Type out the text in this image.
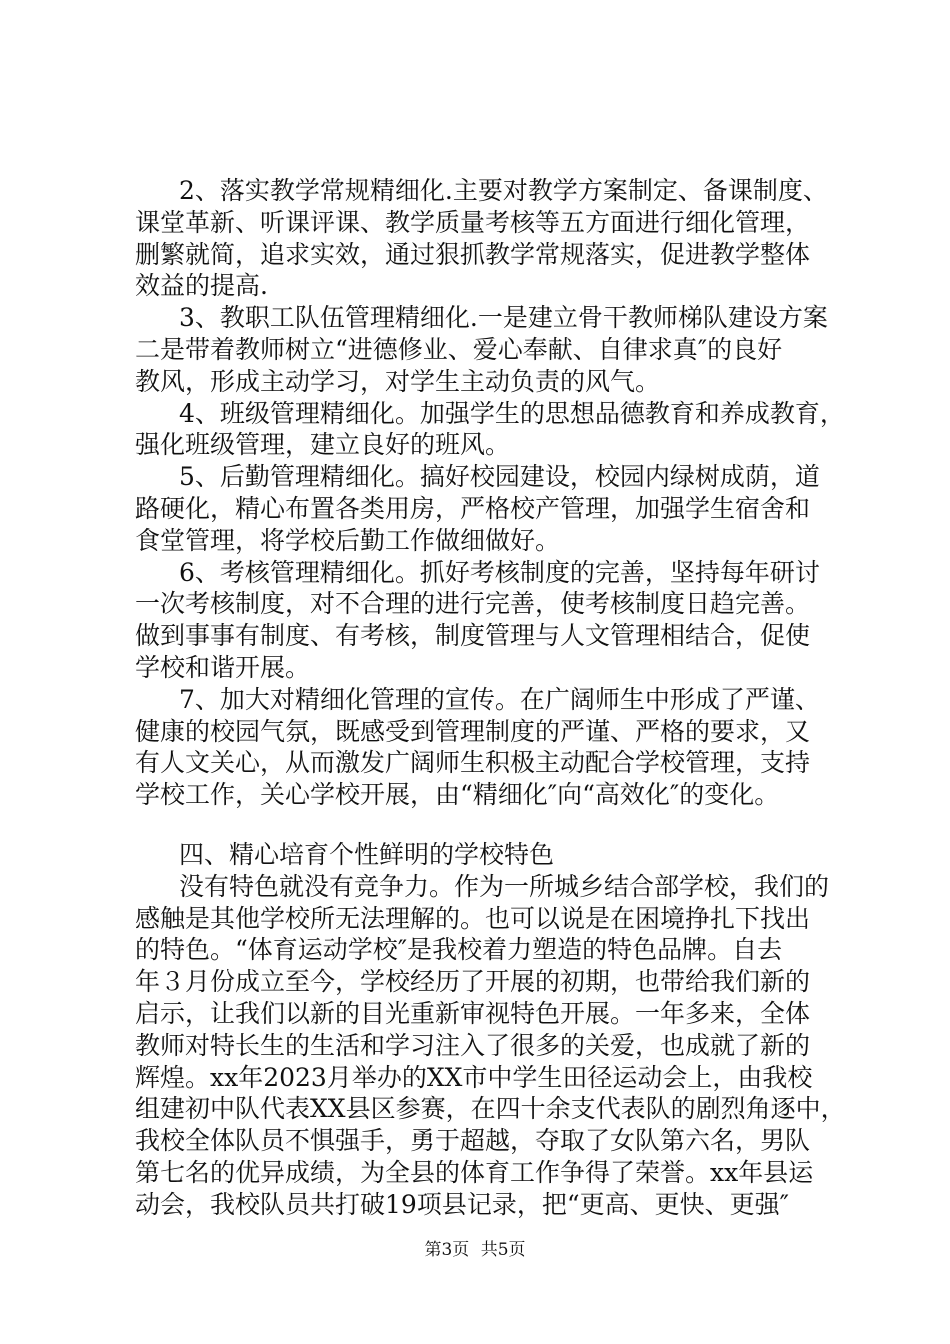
2、落实教学常规精细化.主要对教学方案制定、备课制度、
课堂革新、听课评课、教学质量考核等五方面进行细化管理，
删繁就简，追求实效，通过狠抓教学常规落实，促进教学整体
效益的提高.
3、教职工队伍管理精细化.一是建立骨干教师梯队建设方案
二是带着教师树立“进德修业、爱心奉献、自律求真″的良好
教风，形成主动学习，对学生主动负责的风气。
4、班级管理精细化。加强学生的思想品德教育和养成教育，
强化班级管理，建立良好的班风。
5、后勤管理精细化。搞好校园建设，校园内绿树成荫，道
路硬化，精心布置各类用房，严格校产管理，加强学生宿舍和
食堂管理，将学校后勤工作做细做好。
6、考核管理精细化。抓好考核制度的完善，坚持每年研讨
一次考核制度，对不合理的进行完善，使考核制度日趋完善。
做到事事有制度、有考核，制度管理与人文管理相结合，促使
学校和谐开展。
7、加大对精细化管理的宣传。在广阔师生中形成了严谨、
健康的校园气氛，既感受到管理制度的严谨、严格的要求，又
有人文关心，从而激发广阔师生积极主动配合学校管理，支持
学校工作，关心学校开展，由“精细化″向“高效化″的变化。
四、精心培育个性鲜明的学校特色
没有特色就没有竞争力。作为一所城乡结合部学校，我们的
感触是其他学校所无法理解的。也可以说是在困境挣扎下找出
的特色。“体育运动学校″是我校着力塑造的特色品牌。自去
年３月份成立至今，学校经历了开展的初期，也带给我们新的
启示，让我们以新的目光重新审视特色开展。一年多来，全体
教师对特长生的生活和学习注入了很多的关爱，也成就了新的
辉煌。xx年2023月举办的XX市中学生田径运动会上，由我校
组建初中队代表XX县区参赛，在四十余支代表队的剧烈角逐中，
我校全体队员不惧强手，勇于超越，夺取了女队第六名，男队
第七名的优异成绩，为全县的体育工作争得了荣誉。xx年县运
动会，我校队员共打破19项县记录，把“更高、更快、更强″
第3页 共5页
